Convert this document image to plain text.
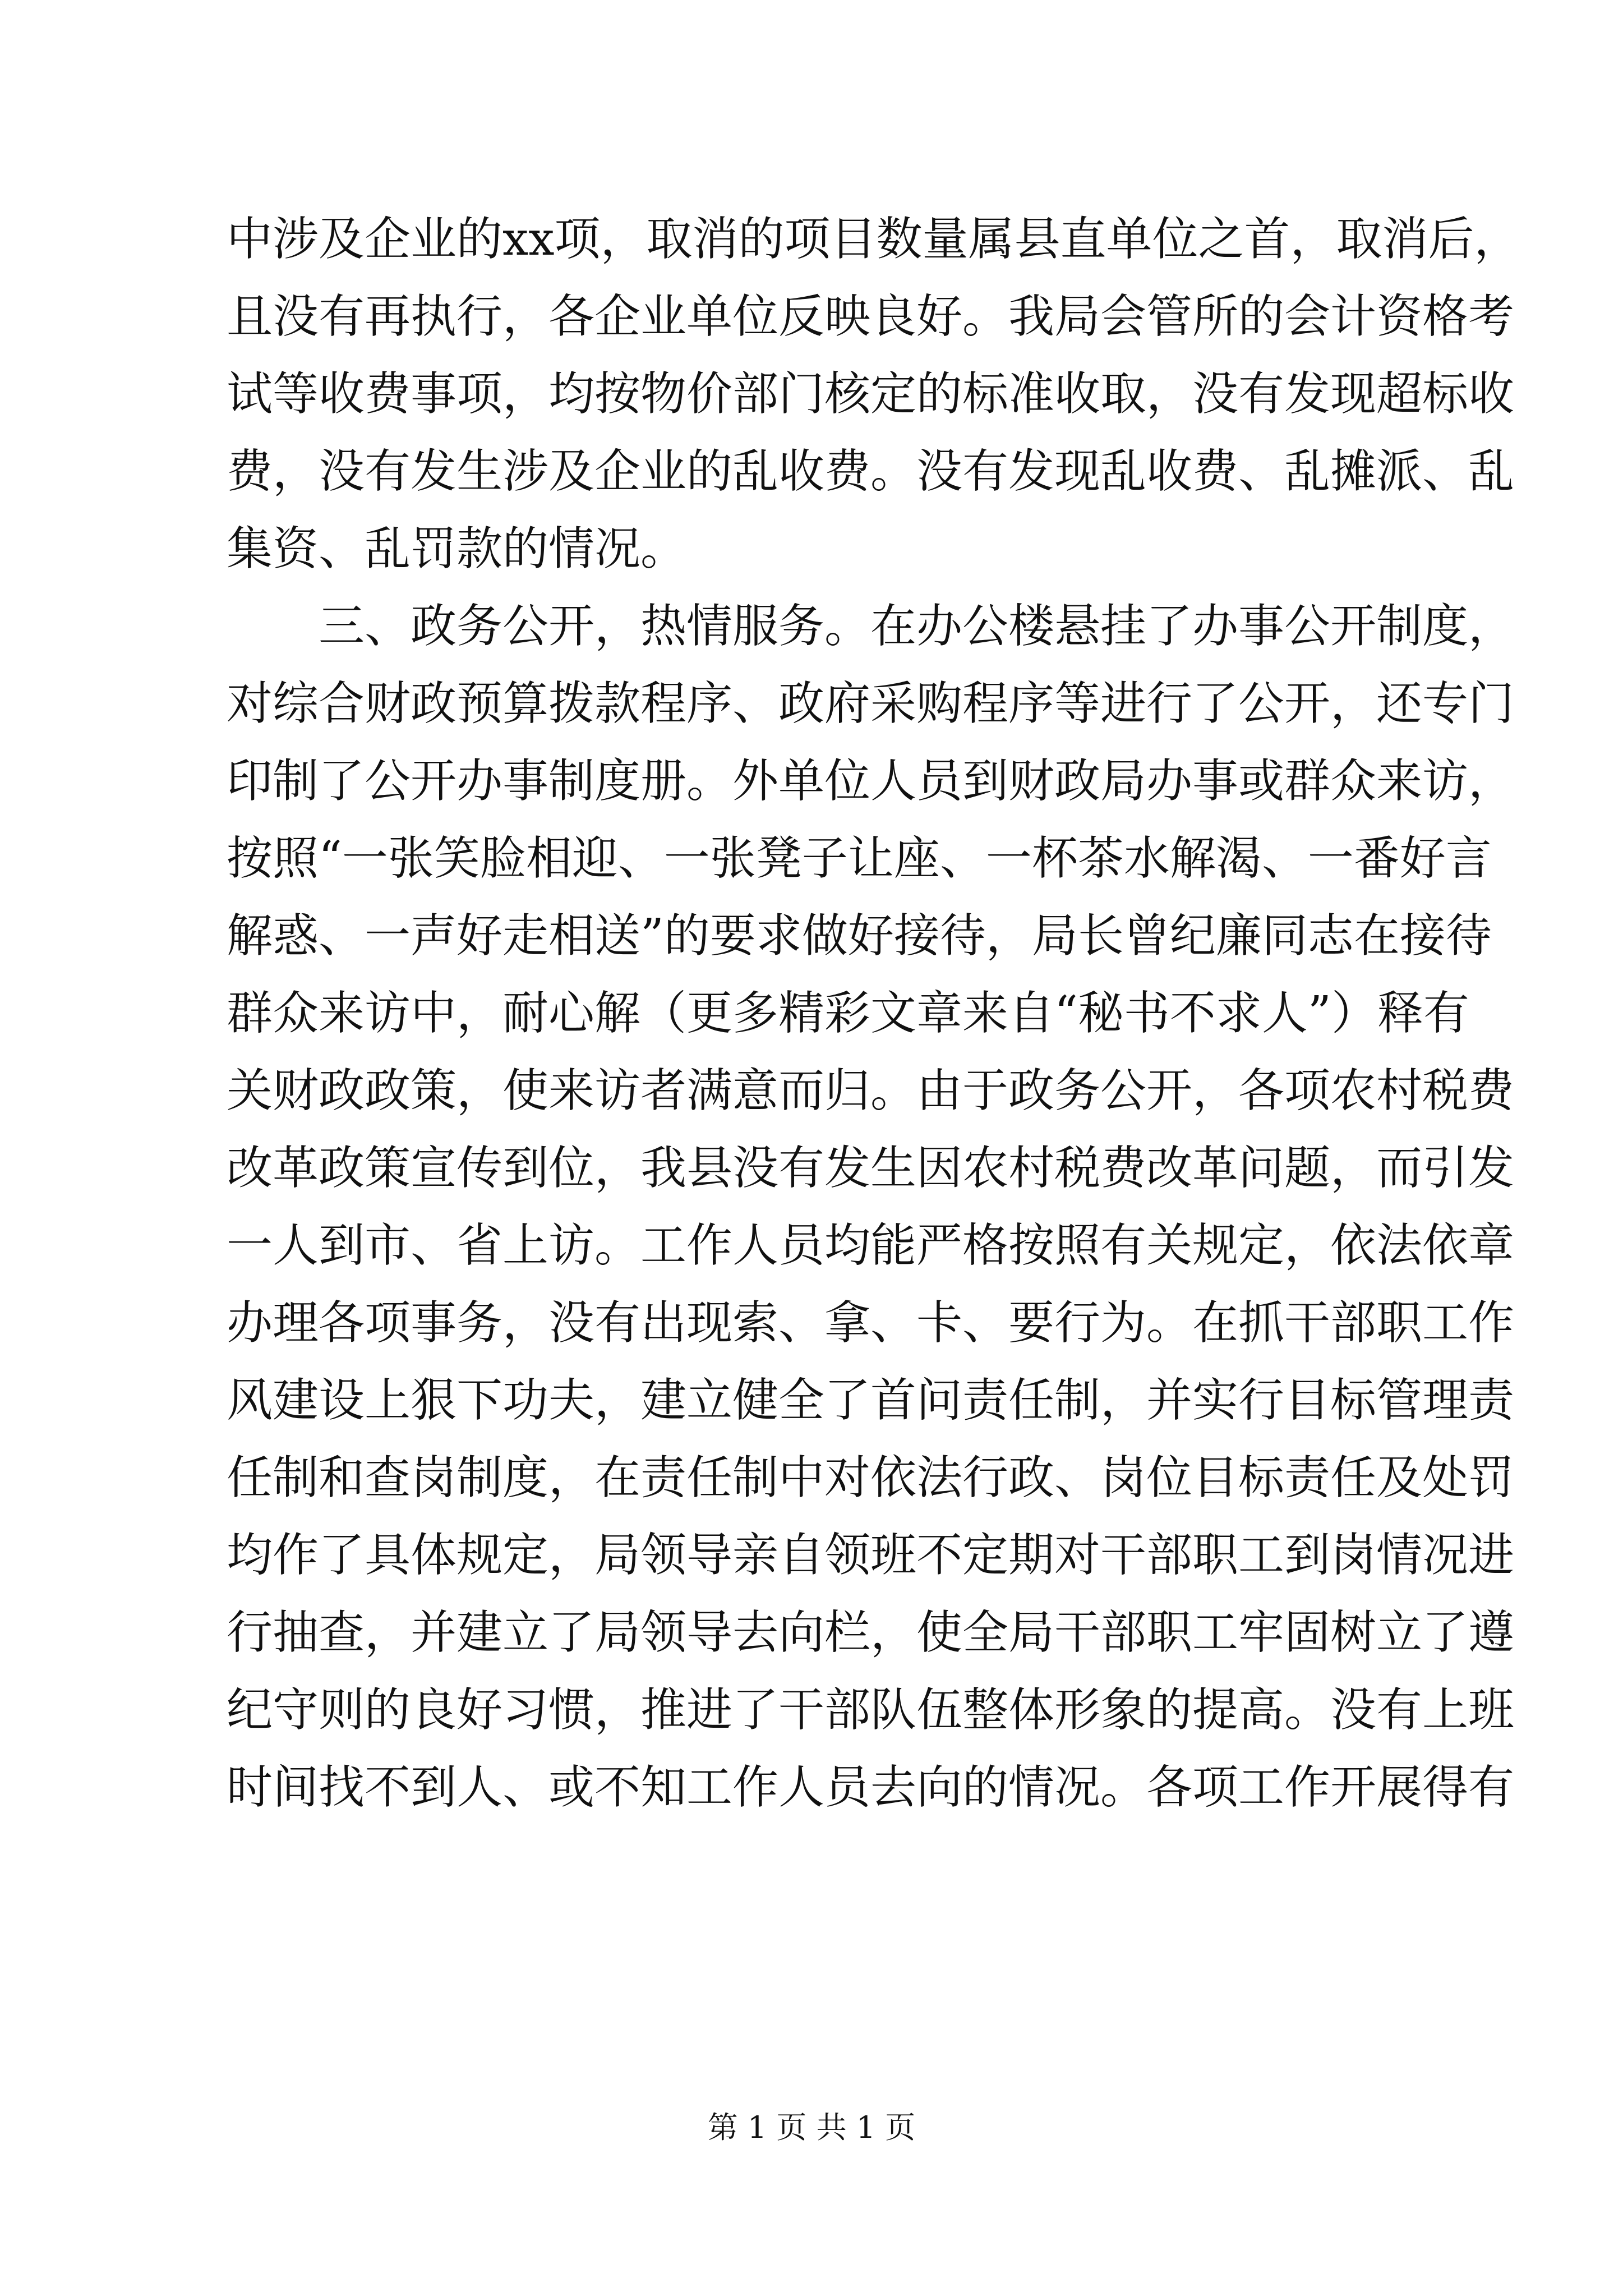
中涉及企业的xx项，取消的项目数量属县直单位之首，取消后，
且没有再执行，各企业单位反映良好。我局会管所的会计资格考
试等收费事项，均按物价部门核定的标准收取，没有发现超标收
费，没有发生涉及企业的乱收费。没有发现乱收费、乱摊派、乱
集资、乱罚款的情况。
　　三、政务公开，热情服务。在办公楼悬挂了办事公开制度，
对综合财政预算拨款程序、政府采购程序等进行了公开，还专门
印制了公开办事制度册。外单位人员到财政局办事或群众来访，
按照“一张笑脸相迎、一张凳子让座、一杯茶水解渴、一番好言
解惑、一声好走相送”的要求做好接待，局长曾纪廉同志在接待
群众来访中，耐心解（更多精彩文章来自“秘书不求人”）释有
关财政政策，使来访者满意而归。由于政务公开，各项农村税费
改革政策宣传到位，我县没有发生因农村税费改革问题，而引发
一人到市、省上访。工作人员均能严格按照有关规定，依法依章
办理各项事务，没有出现索、拿、卡、要行为。在抓干部职工作
风建设上狠下功夫，建立健全了首问责任制，并实行目标管理责
任制和查岗制度，在责任制中对依法行政、岗位目标责任及处罚
均作了具体规定，局领导亲自领班不定期对干部职工到岗情况进
行抽查，并建立了局领导去向栏，使全局干部职工牢固树立了遵
纪守则的良好习惯，推进了干部队伍整体形象的提高。没有上班
时间找不到人、或不知工作人员去向的情况。各项工作开展得有
第 1 页 共 1 页
